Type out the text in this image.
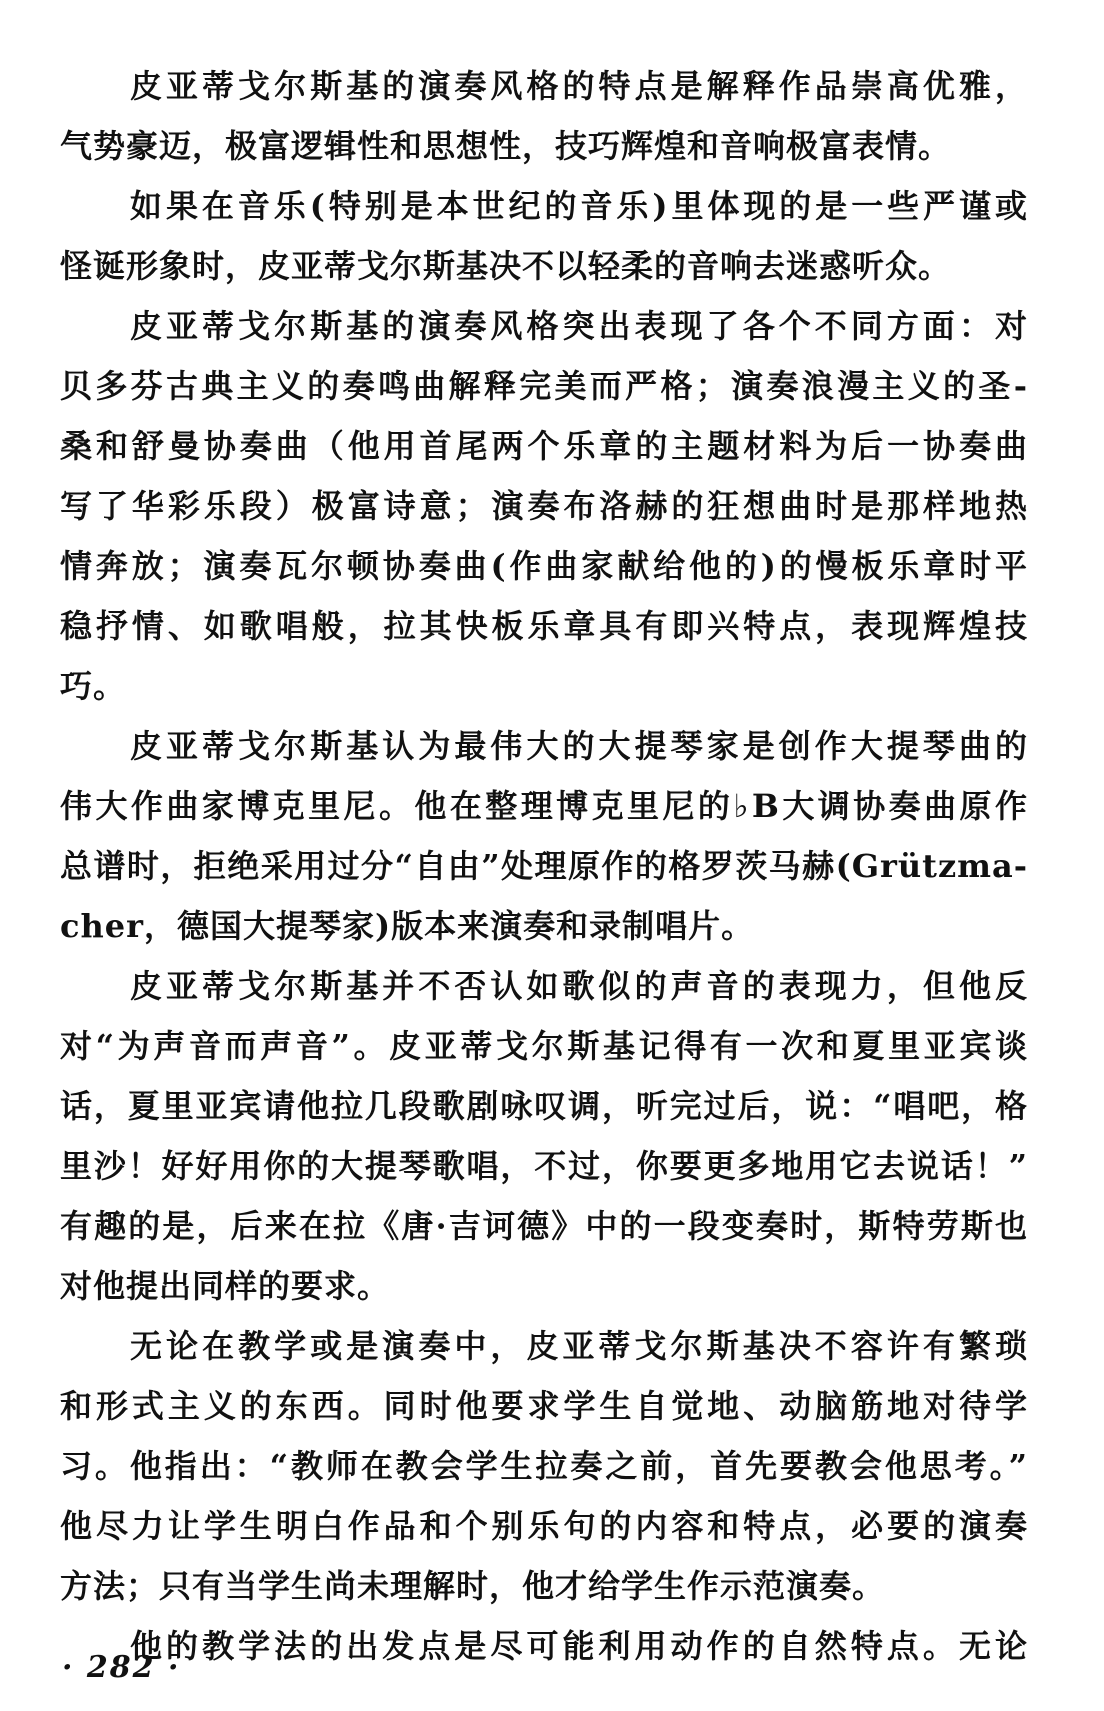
皮亚蒂戈尔斯基的演奏风格的特点是解释作品崇高优雅，
气势豪迈，极富逻辑性和思想性，技巧辉煌和音响极富表情。
如果在音乐(特别是本世纪的音乐)里体现的是一些严谨或
怪诞形象时，皮亚蒂戈尔斯基决不以轻柔的音响去迷惑听众。
皮亚蒂戈尔斯基的演奏风格突出表现了各个不同方面：对
贝多芬古典主义的奏鸣曲解释完美而严格；演奏浪漫主义的圣-
桑和舒曼协奏曲（他用首尾两个乐章的主题材料为后一协奏曲
写了华彩乐段）极富诗意；演奏布洛赫的狂想曲时是那样地热
情奔放；演奏瓦尔顿协奏曲(作曲家献给他的)的慢板乐章时平
稳抒情、如歌唱般，拉其快板乐章具有即兴特点，表现辉煌技
巧。
皮亚蒂戈尔斯基认为最伟大的大提琴家是创作大提琴曲的
伟大作曲家博克里尼。他在整理博克里尼的♭B大调协奏曲原作
总谱时，拒绝采用过分“自由”处理原作的格罗茨马赫(Grützma-
cher，德国大提琴家)版本来演奏和录制唱片。
皮亚蒂戈尔斯基并不否认如歌似的声音的表现力，但他反
对“为声音而声音”。皮亚蒂戈尔斯基记得有一次和夏里亚宾谈
话，夏里亚宾请他拉几段歌剧咏叹调，听完过后，说：“唱吧，格
里沙！好好用你的大提琴歌唱，不过，你要更多地用它去说话！”
有趣的是，后来在拉《唐·吉诃德》中的一段变奏时，斯特劳斯也
对他提出同样的要求。
无论在教学或是演奏中，皮亚蒂戈尔斯基决不容许有繁琐
和形式主义的东西。同时他要求学生自觉地、动脑筋地对待学
习。他指出：“教师在教会学生拉奏之前，首先要教会他思考。”
他尽力让学生明白作品和个别乐句的内容和特点，必要的演奏
方法；只有当学生尚未理解时，他才给学生作示范演奏。
他的教学法的出发点是尽可能利用动作的自然特点。无论
· 282 ·
